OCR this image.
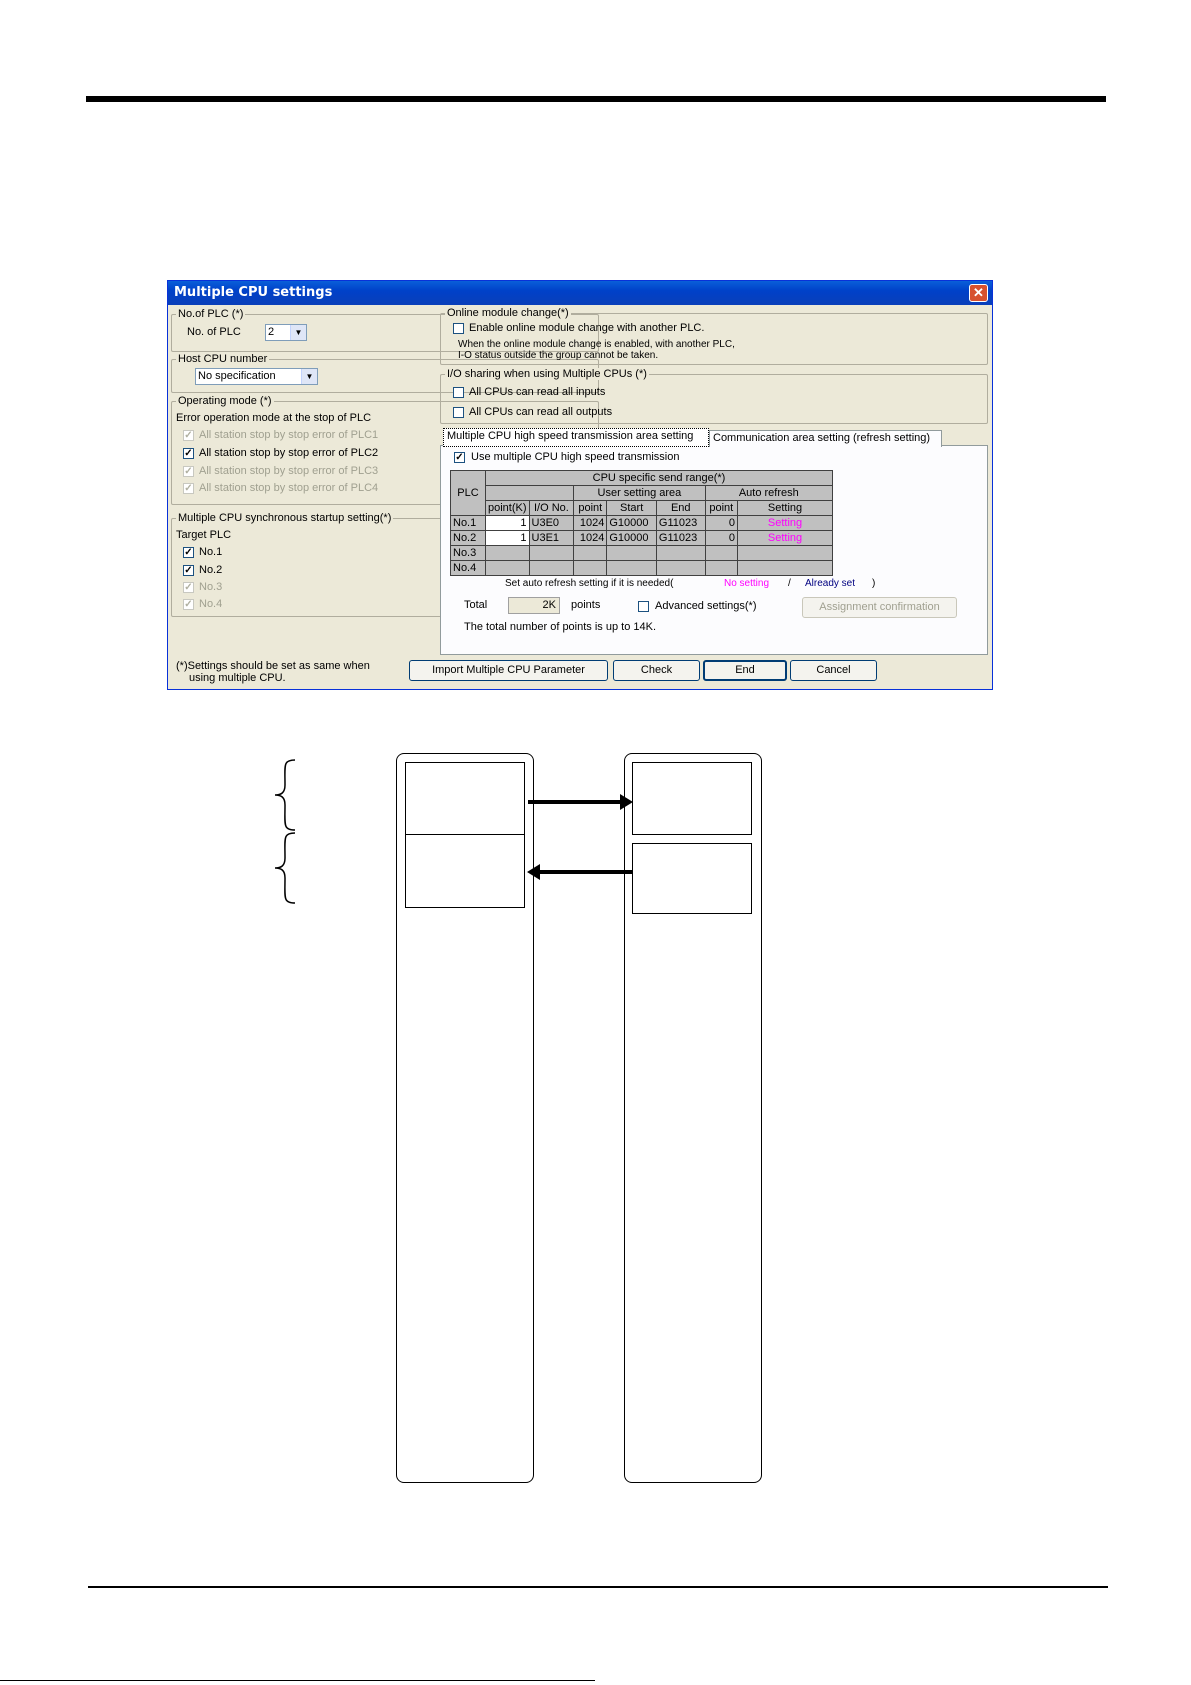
Multiple CPU settings	✕
No.of PLC (*)
No. of PLC 2	▼
Host CPU number
No specification	▼
Operating mode (*)
Error operation mode at the stop of PLC
✓ All station stop by stop error of PLC1
✓ All station stop by stop error of PLC2
✓ All station stop by stop error of PLC3
✓ All station stop by stop error of PLC4
Multiple CPU synchronous startup setting(*)
Target PLC
✓ No.1
✓ No.2
✓ No.3
✓ No.4
Online module change(*)
Enable online module change with another PLC.
When the online module change is enabled, with another PLC,
I-O status outside the group cannot be taken.
I/O sharing when using Multiple CPUs (*)
All CPUs can read all inputs
All CPUs can read all outputs
Multiple CPU high speed transmission area setting	Communication area setting (refresh setting)
✓ Use multiple CPU high speed transmission
PLC	CPU specific send range(*)						
			User setting area			Auto refresh	
	point(K)	I/O No.	point	Start	End	point	Setting
No.1	1	U3E0	1024	G10000	G11023	0	Setting
No.2	1	U3E1	1024	G10000	G11023	0	Setting
No.3							
No.4							
Set auto refresh setting if it is needed(	No setting / Already set )
Total	2K	points	Advanced settings(*)	Assignment confirmation
The total number of points is up to 14K.
(*)Settings should be set as same when
using multiple CPU.
Import Multiple CPU Parameter	Check	End	Cancel
